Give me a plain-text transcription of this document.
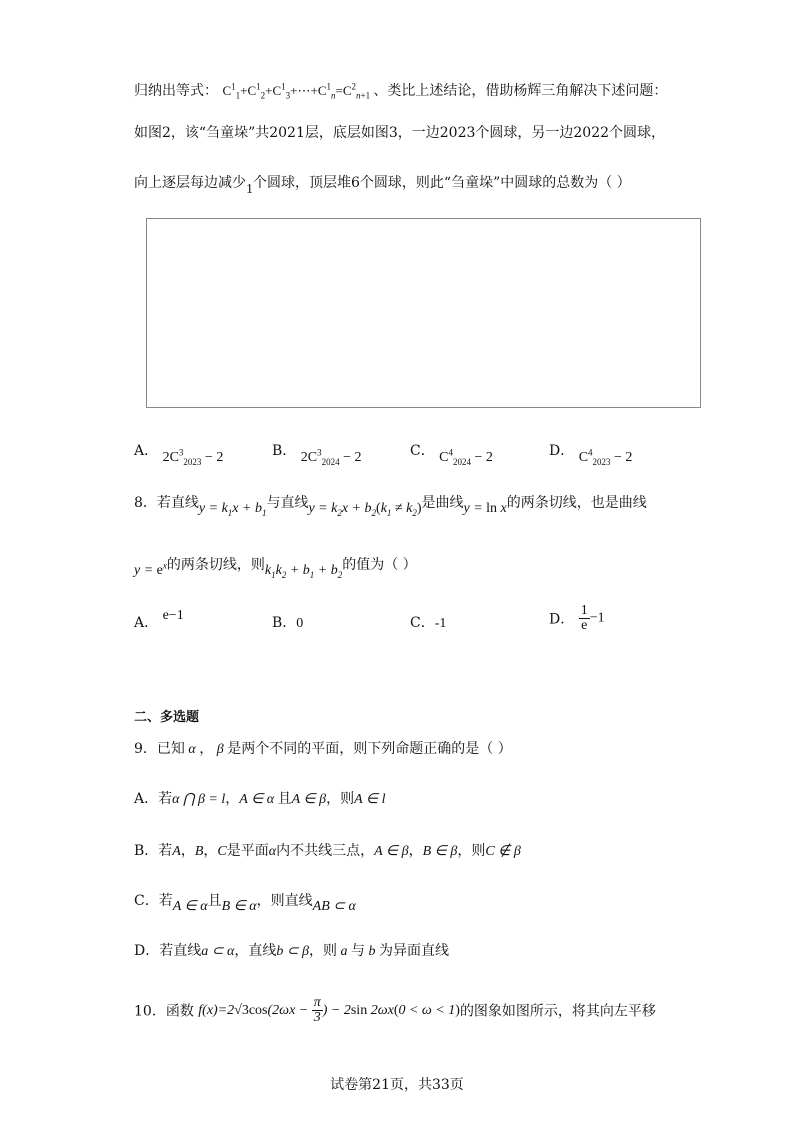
归纳出等式： $C^1_1+C^1_2+C^1_3+\cdots+C^1_n=C^2_{n+1}$ 、类比上述结论，借助杨辉三角解决下述问题：
如图2，该“刍童垛”共2021层，底层如图3，一边2023个圆球，另一边2022个圆球，
向上逐层每边减少1个圆球，顶层堆6个圆球，则此“刍童垛”中圆球的总数为（ ）
A． $2C^3_{2023} - 2$	B． $2C^3_{2024} - 2$	C． $C^4_{2024} - 2$	D． $C^4_{2023} - 2$
8．若直线$y = k_1x + b_1$与直线$y = k_2x + b_2(k_1 \ne k_2)$是曲线y = ln x的两条切线，也是曲线
$y = e^x$的两条切线，则$k_1k_2 + b_1 + b_2$的值为（ ）
A． e−1	B．0	C．-1	D． $\frac{1}{e} -1$
二、多选题
9．已知 α ， β 是两个不同的平面，则下列命题正确的是（ ）
A．若α ⋂ β = l，A ∈ α 且A ∈ β，则A ∈ l
B．若A，B，C是平面α内不共线三点，A ∈ β，B ∈ β，则C ∉ β
C．若A ∈ α且B ∈ α，则直线AB ⊂ α
D．若直线a ⊂ α，直线b ⊂ β，则 a 与 b 为异面直线
10．函数 $f(x)=2√3\cos(2\omega x - \frac{\pi}{3}$ ) − 2sin 2ωx(0 < ω < 1)的图象如图所示，将其向左平移
试卷第21页，共33页
